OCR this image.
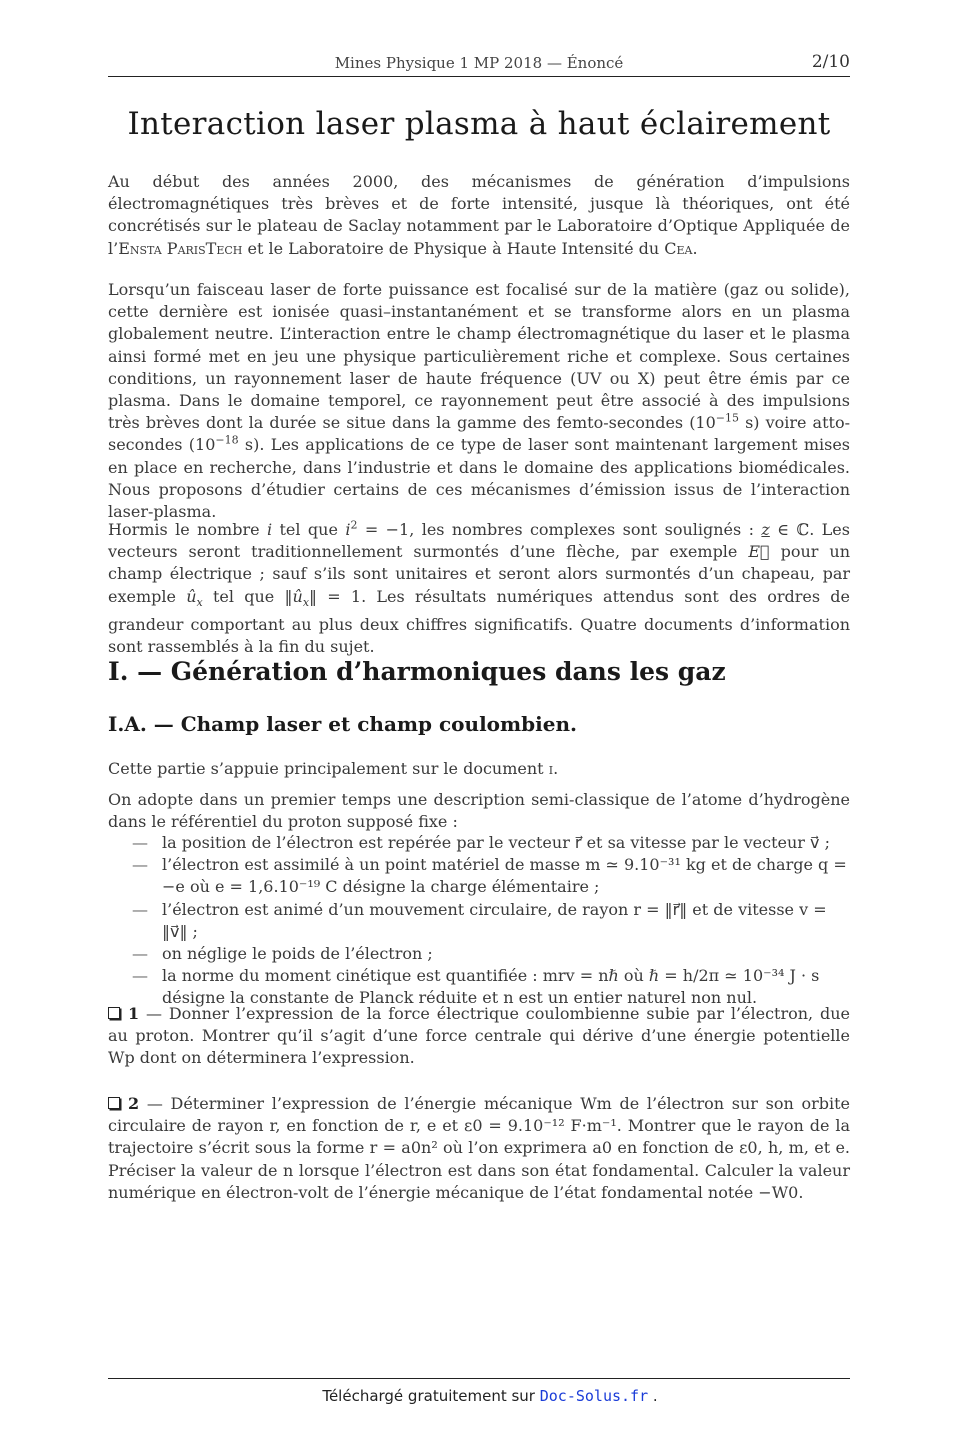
Mines Physique 1 MP 2018 — Énoncé	2/10
Interaction laser plasma à haut éclairement

Au début des années 2000, des mécanismes de génération d’impulsions électromagnétiques très brèves et de forte intensité, jusque là théoriques, ont été concrétisés sur le plateau de Saclay notamment par le Laboratoire d’Optique Appliquée de l’Ensta ParisTech et le Laboratoire de Physique à Haute Intensité du Cea.

Lorsqu’un faisceau laser de forte puissance est focalisé sur de la matière (gaz ou solide), cette dernière est ionisée quasi–instantanément et se transforme alors en un plasma globalement neutre. L’interaction entre le champ électromagnétique du laser et le plasma ainsi formé met en jeu une physique particulièrement riche et complexe. Sous certaines conditions, un rayonnement laser de haute fréquence (UV ou X) peut être émis par ce plasma. Dans le domaine temporel, ce rayonnement peut être associé à des impulsions très brèves dont la durée se situe dans la gamme des femto-secondes ($10^{-15}$ s) voire atto-secondes ($10^{-18}$ s). Les applications de ce type de laser sont maintenant largement mises en place en recherche, dans l’industrie et dans le domaine des applications biomédicales. Nous proposons d’étudier certains de ces mécanismes d’émission issus de l’interaction laser-plasma.

Hormis le nombre i tel que $i^2 = -1$, les nombres complexes sont soulignés : z ∈ ℂ. Les vecteurs seront traditionnellement surmontés d’une flèche, par exemple E⃗ pour un champ électrique ; sauf s’ils sont unitaires et seront alors surmontés d’un chapeau, par exemple $û_x$ tel que $‖û_x‖ = 1$. Les résultats numériques attendus sont des ordres de grandeur comportant au plus deux chiffres significatifs. Quatre documents d’information sont rassemblés à la fin du sujet.

I. — Génération d’harmoniques dans les gaz
I.A. — Champ laser et champ coulombien.

Cette partie s’appuie principalement sur le document i.

On adopte dans un premier temps une description semi-classique de l’atome d’hydrogène dans le référentiel du proton supposé fixe :

— la position de l’électron est repérée par le vecteur r⃗ et sa vitesse par le vecteur v⃗ ;
— l’électron est assimilé à un point matériel de masse m ≃ 9.10⁻³¹ kg et de charge q = −e où e = 1,6.10⁻¹⁹ C désigne la charge élémentaire ;
— l’électron est animé d’un mouvement circulaire, de rayon r = ‖r⃗‖ et de vitesse v = ‖v⃗‖ ;
— on néglige le poids de l’électron ;
— la norme du moment cinétique est quantifiée : mrv = nℏ où ℏ = h/2π ≃ 10⁻³⁴ J · s désigne la constante de Planck réduite et n est un entier naturel non nul.
1 — Donner l’expression de la force électrique coulombienne subie par l’électron, due au proton. Montrer qu’il s’agit d’une force centrale qui dérive d’une énergie potentielle Wp dont on déterminera l’expression.
2 — Déterminer l’expression de l’énergie mécanique Wm de l’électron sur son orbite circulaire de rayon r, en fonction de r, e et ε0 = 9.10⁻¹² F·m⁻¹. Montrer que le rayon de la trajectoire s’écrit sous la forme r = a0n² où l’on exprimera a0 en fonction de ε0, h, m, et e. Préciser la valeur de n lorsque l’électron est dans son état fondamental. Calculer la valeur numérique en électron-volt de l’énergie mécanique de l’état fondamental notée −W0.
Téléchargé gratuitement sur Doc-Solus.fr .
